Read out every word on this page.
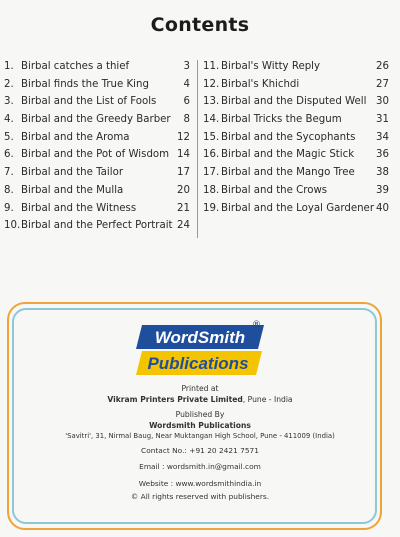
Contents
1. Birbal catches a thief	3
2. Birbal finds the True King	4
3. Birbal and the List of Fools	6
4. Birbal and the Greedy Barber 8
5. Birbal and the Aroma	12
6. Birbal and the Pot of Wisdom 14
7. Birbal and the Tailor	17
8. Birbal and the Mulla	20
9. Birbal and the Witness	21
10.Birbal and the Perfect Portrait 24
11. Birbal's Witty Reply	26
12. Birbal's Khichdi	27
13. Birbal and the Disputed Well 30
14. Birbal Tricks the Begum	31
15. Birbal and the Sycophants 34
16. Birbal and the Magic Stick 36
17. Birbal and the Mango Tree 38
18. Birbal and the Crows	39
19. Birbal and the Loyal Gardener 40
WordSmith
Publications
®
Printed at
Vikram Printers Private Limited, Pune - India
Published By
Wordsmith Publications
'Savitri', 31, Nirmal Baug, Near Muktangan High School, Pune - 411009 (India)
Contact No.: +91 20 2421 7571
Email : wordsmith.in@gmail.com
Website : www.wordsmithindia.in
© All rights reserved with publishers.
